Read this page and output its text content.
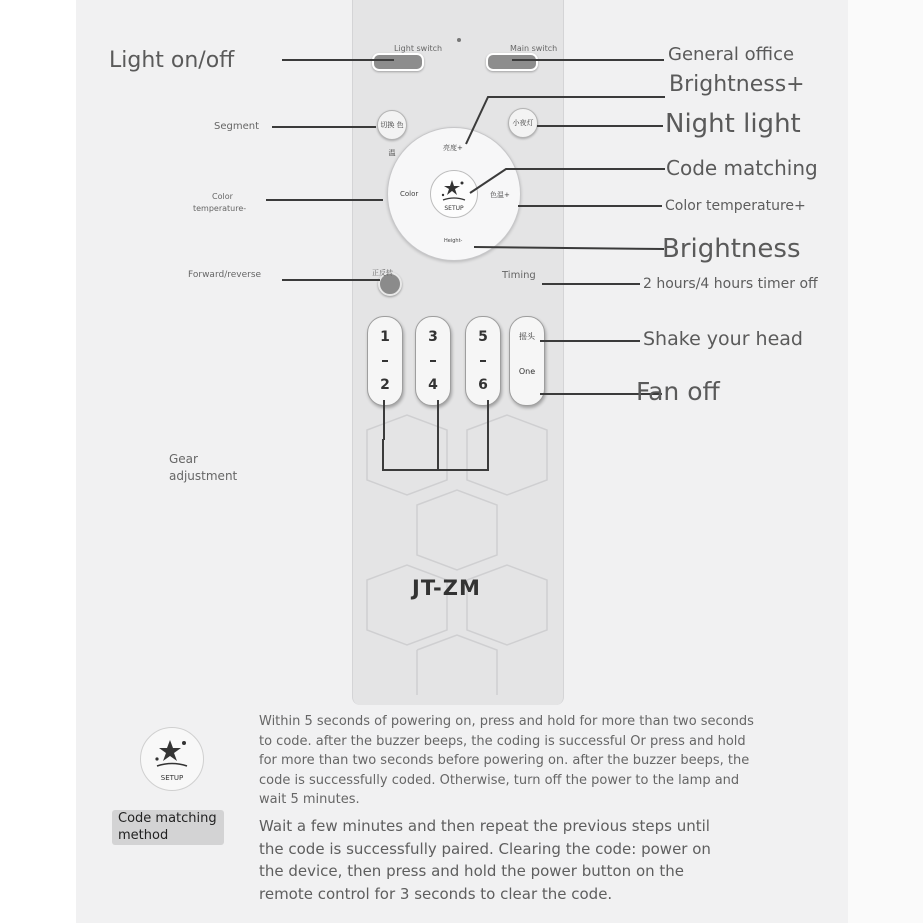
Light switch	Main switch
切换 色温
小夜灯
亮度+
Color	色温+
Height-
SETUP
正反转	Timing
1
2
3
4
5
6
摇头
One
JT-ZM
Light on/off	General office
Brightness+
Segment	Night light
Code matching
Color
temperature-	Color temperature+
Brightness
Forward/reverse
2 hours/4 hours timer off
Shake your head
Fan off
Gear
adjustment
SETUP
Code matching
method
Within 5 seconds of powering on, press and hold for more than two seconds to code. after the buzzer beeps, the coding is successful Or press and hold for more than two seconds before powering on. after the buzzer beeps, the code is successfully coded. Otherwise, turn off the power to the lamp and wait 5 minutes.
Wait a few minutes and then repeat the previous steps until the code is successfully paired. Clearing the code: power on the device, then press and hold the power button on the remote control for 3 seconds to clear the code.
